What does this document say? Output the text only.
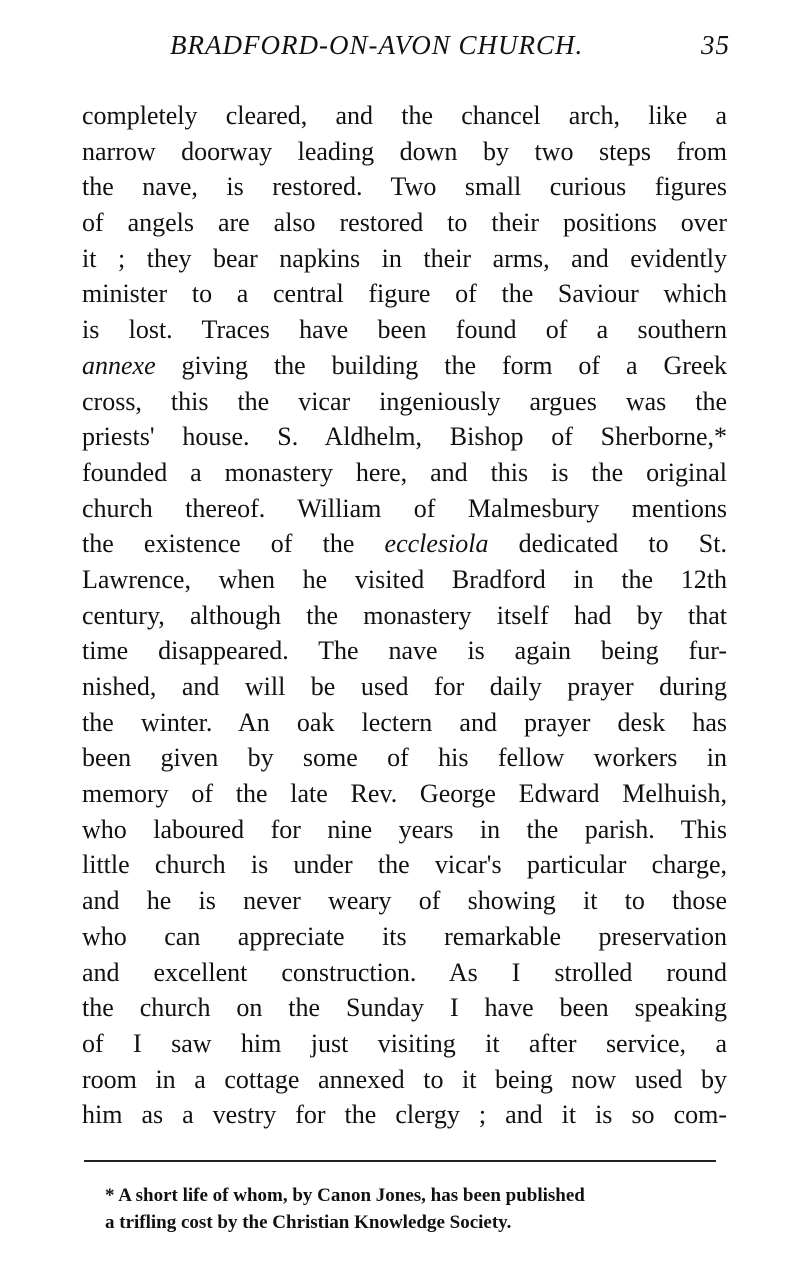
BRADFORD-ON-AVON CHURCH.	35
completely cleared, and the chancel arch, like a
narrow doorway leading down by two steps from
the nave, is restored. Two small curious figures
of angels are also restored to their positions over
it ; they bear napkins in their arms, and evidently
minister to a central figure of the Saviour which
is lost. Traces have been found of a southern
annexe giving the building the form of a Greek
cross, this the vicar ingeniously argues was the
priests' house. S. Aldhelm, Bishop of Sherborne,*
founded a monastery here, and this is the original
church thereof. William of Malmesbury mentions
the existence of the ecclesiola dedicated to St.
Lawrence, when he visited Bradford in the 12th
century, although the monastery itself had by that
time disappeared. The nave is again being fur-
nished, and will be used for daily prayer during
the winter. An oak lectern and prayer desk has
been given by some of his fellow workers in
memory of the late Rev. George Edward Melhuish,
who laboured for nine years in the parish. This
little church is under the vicar's particular charge,
and he is never weary of showing it to those
who can appreciate its remarkable preservation
and excellent construction. As I strolled round
the church on the Sunday I have been speaking
of I saw him just visiting it after service, a
room in a cottage annexed to it being now used by
him as a vestry for the clergy ; and it is so com-
* A short life of whom, by Canon Jones, has been published
a trifling cost by the Christian Knowledge Society.
